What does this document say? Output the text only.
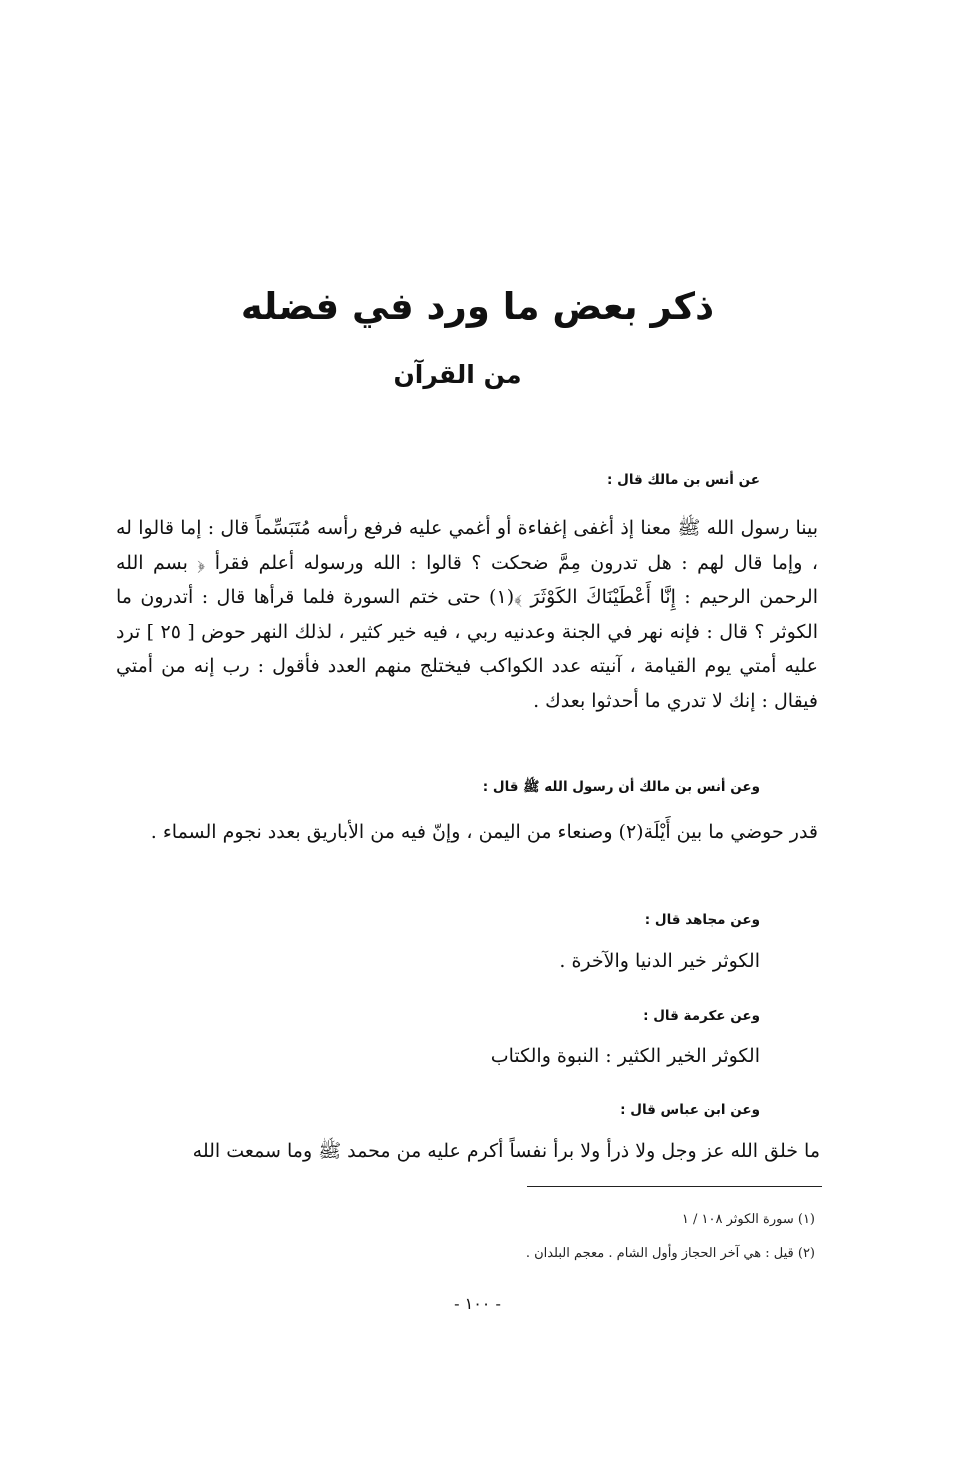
ذكر بعض ما ورد في فضله
من القرآن
عن أنس بن مالك قال :
بينا رسول الله ﷺ معنا إذ أغفى إغفاءة أو أغمي عليه فرفع رأسه مُتَبَسِّماً قال : إما قالوا له ، وإما قال لهم : هل تدرون مِمَّ ضحكت ؟ قالوا : الله ورسوله أعلم فقرأ ﴿ بسم الله الرحمن الرحيم : إِنَّا أَعْطَيْنَاكَ الكَوْثَرَ ﴾(١) حتى ختم السورة فلما قرأها قال : أتدرون ما الكوثر ؟ قال : فإنه نهر في الجنة وعدنيه ربي ، فيه خير كثير ، لذلك النهر حوض [ ٢٥ ] ترد عليه أمتي يوم القيامة ، آنيته عدد الكواكب فيختلج منهم العدد فأقول : رب إنه من أمتي فيقال : إنك لا تدري ما أحدثوا بعدك .
وعن أنس بن مالك أن رسول الله ﷺ قال :
قدر حوضي ما بين أَيْلَة(٢) وصنعاء من اليمن ، وإنّ فيه من الأباريق بعدد نجوم السماء .
وعن مجاهد قال :
الكوثر خير الدنيا والآخرة .
وعن عكرمة قال :
الكوثر الخير الكثير : النبوة والكتاب
وعن ابن عباس قال :
ما خلق الله عز وجل ولا ذرأ ولا برأ نفساً أكرم عليه من محمد ﷺ وما سمعت الله
(١) سورة الكوثر ١٠٨ / ١
(٢) قيل : هي آخر الحجاز وأول الشام . معجم البلدان .
- ١٠٠ -
